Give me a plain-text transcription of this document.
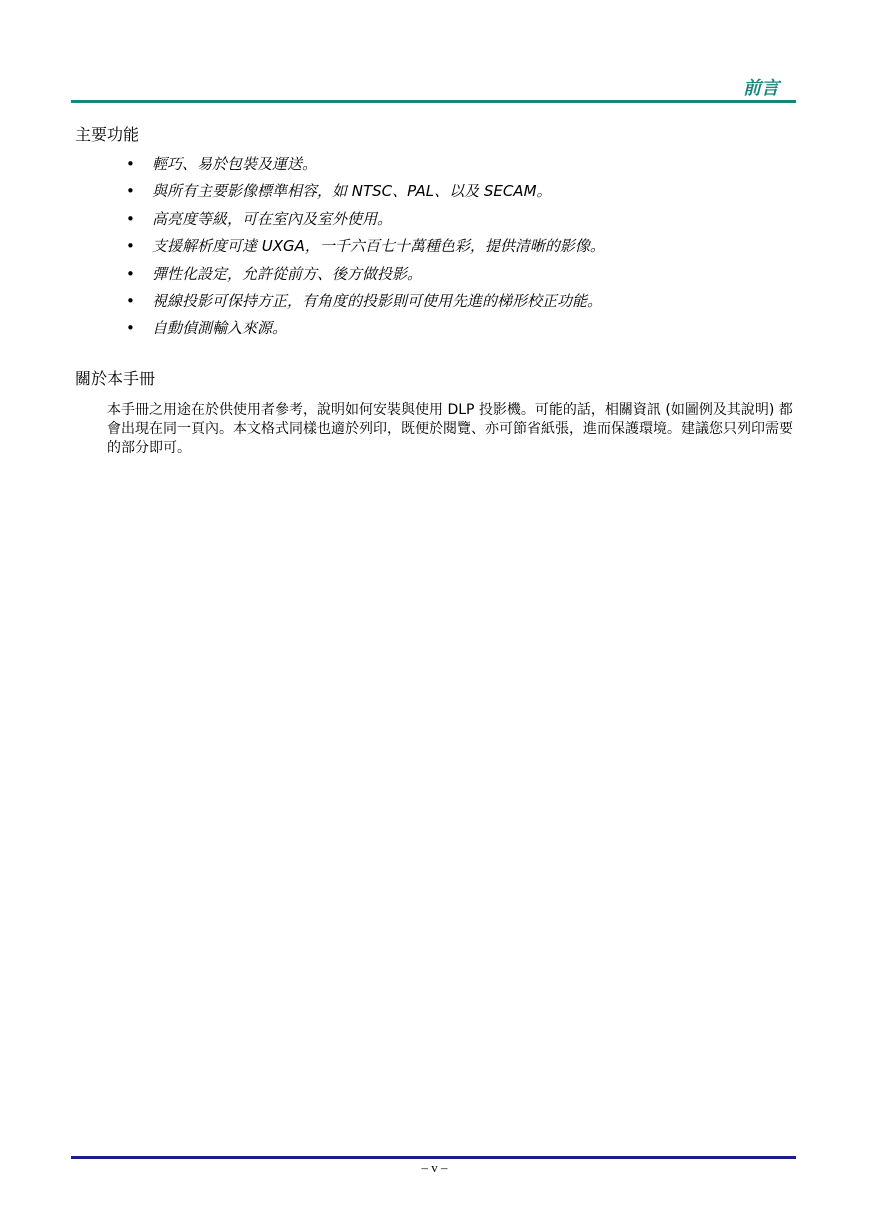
前言
主要功能
• 輕巧、易於包裝及運送。
• 與所有主要影像標準相容，如 NTSC、PAL、以及 SECAM。
• 高亮度等級，可在室內及室外使用。
• 支援解析度可達 UXGA，一千六百七十萬種色彩，提供清晰的影像。
• 彈性化設定，允許從前方、後方做投影。
• 視線投影可保持方正，有角度的投影則可使用先進的梯形校正功能。
• 自動偵測輸入來源。
關於本手冊

本手冊之用途在於供使用者參考，說明如何安裝與使用 DLP 投影機。可能的話，相關資訊 (如圖例及其說明) 都會出現在同一頁內。本文格式同樣也適於列印，既便於閱覽、亦可節省紙張，進而保護環境。建議您只列印需要的部分即可。

– v –
